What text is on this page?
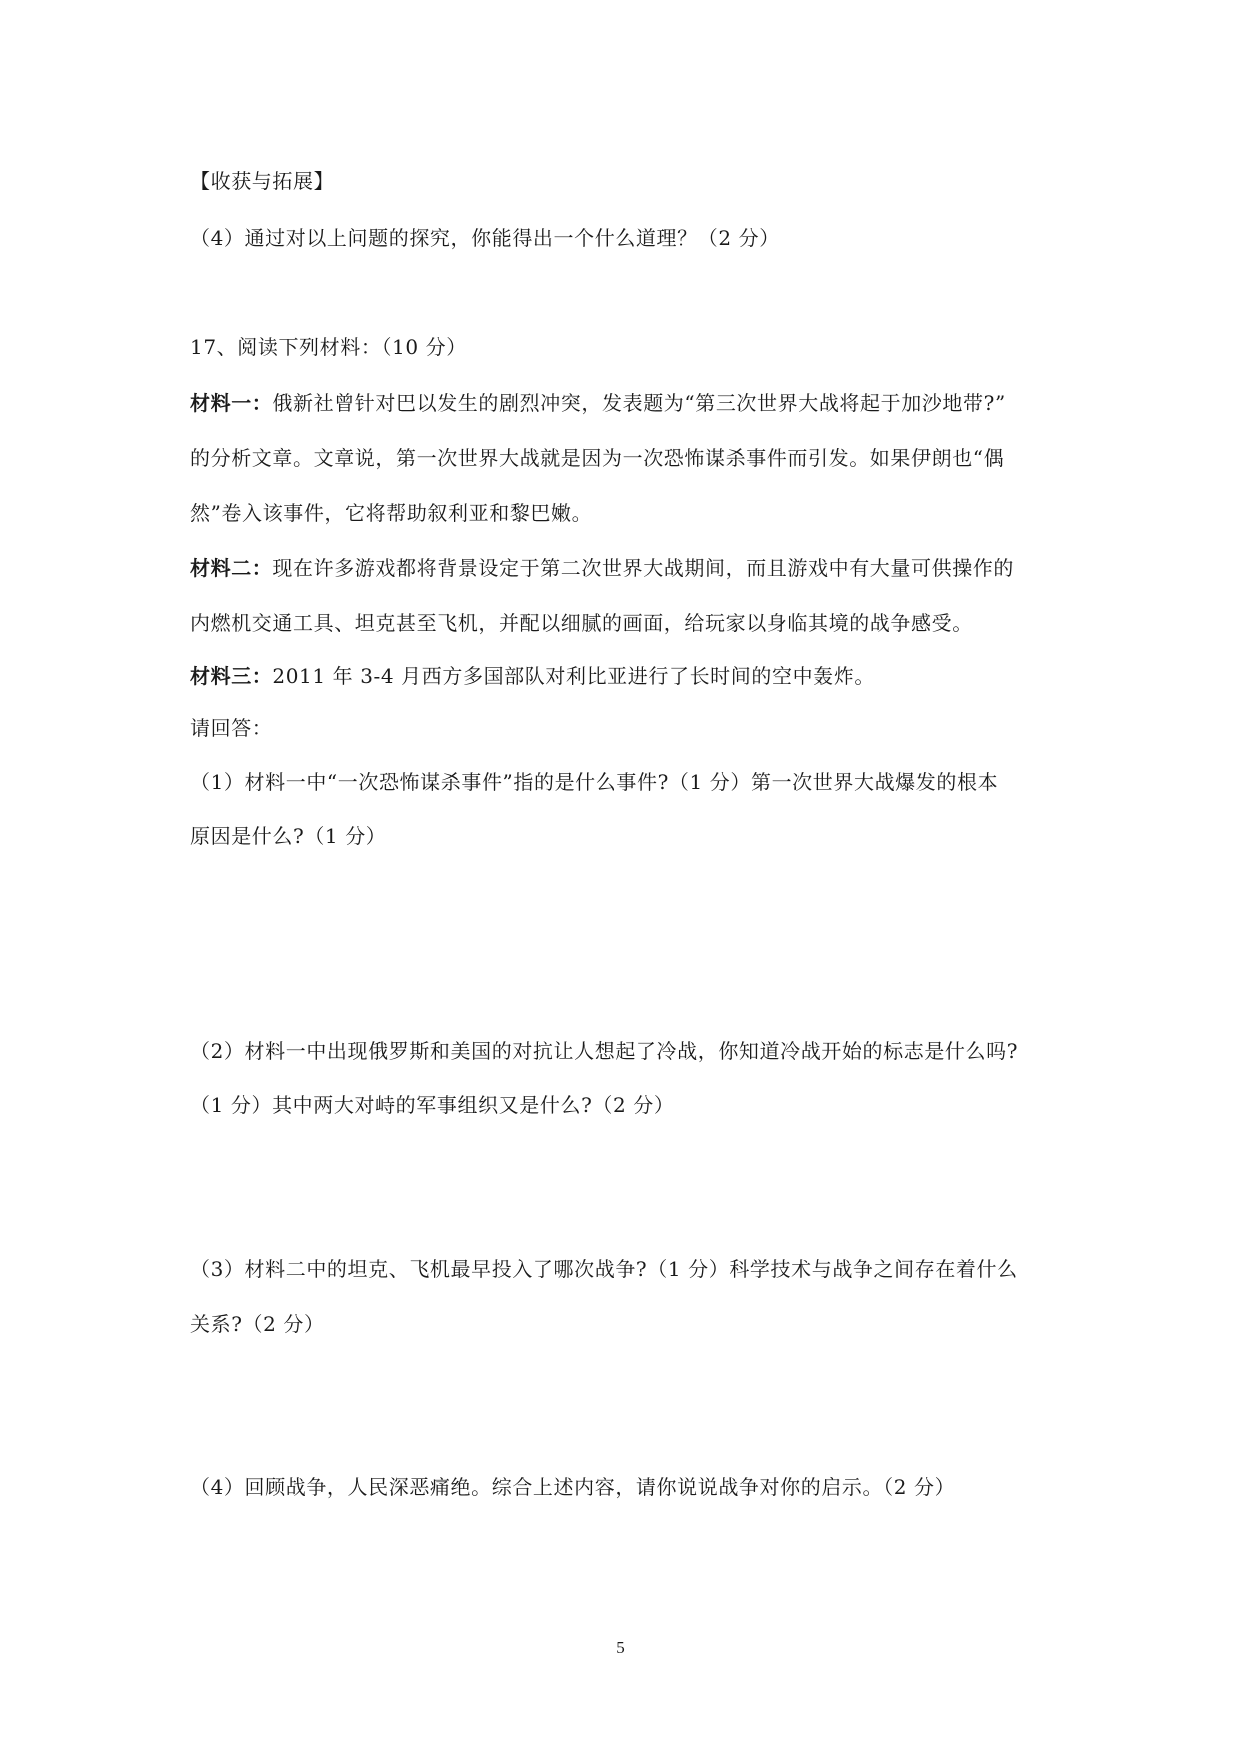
【收获与拓展】
（4）通过对以上问题的探究，你能得出一个什么道理？（2 分）
17、阅读下列材料：（10 分）
材料一：俄新社曾针对巴以发生的剧烈冲突，发表题为“第三次世界大战将起于加沙地带?”
的分析文章。文章说，第一次世界大战就是因为一次恐怖谋杀事件而引发。如果伊朗也“偶
然”卷入该事件，它将帮助叙利亚和黎巴嫩。
材料二：现在许多游戏都将背景设定于第二次世界大战期间，而且游戏中有大量可供操作的
内燃机交通工具、坦克甚至飞机，并配以细腻的画面，给玩家以身临其境的战争感受。
材料三：2011 年 3-4 月西方多国部队对利比亚进行了长时间的空中轰炸。
请回答：
（1）材料一中“一次恐怖谋杀事件”指的是什么事件?（1 分）第一次世界大战爆发的根本
原因是什么?（1 分）
（2）材料一中出现俄罗斯和美国的对抗让人想起了冷战，你知道冷战开始的标志是什么吗?
（1 分）其中两大对峙的军事组织又是什么?（2 分）
（3）材料二中的坦克、飞机最早投入了哪次战争?（1 分）科学技术与战争之间存在着什么
关系?（2 分）
（4）回顾战争，人民深恶痛绝。综合上述内容，请你说说战争对你的启示。（2 分）
5
